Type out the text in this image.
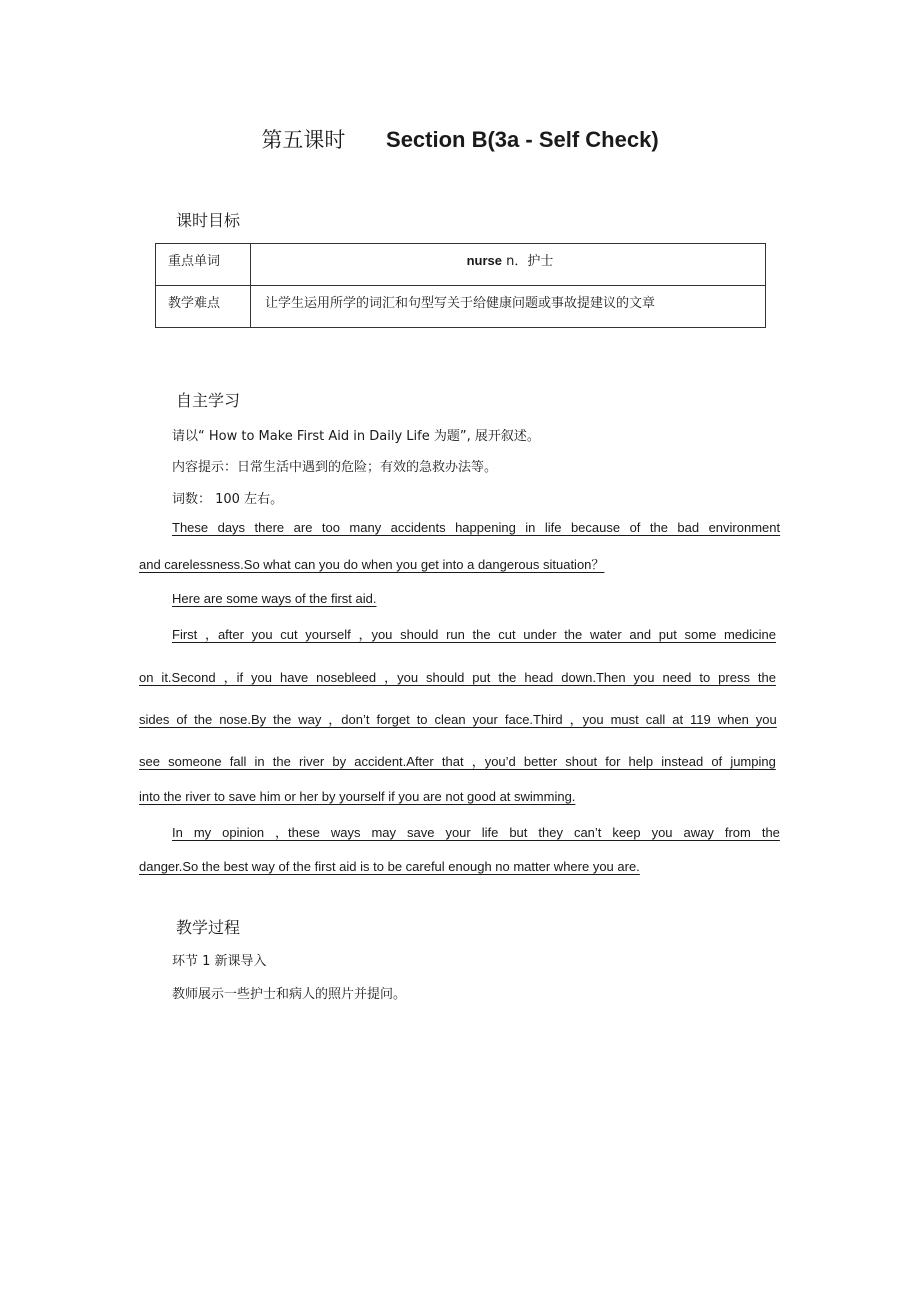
第五课时 Section B(3a - Self Check)
课时目标
重点单词	nurse n．护士
教学难点	让学生运用所学的词汇和句型写关于给健康问题或事故提建议的文章
自主学习
请以“ How to Make First Aid in Daily Life 为题”, 展开叙述。
内容提示：日常生活中遇到的危险；有效的急救办法等。
词数： 100 左右。
These days there are too many accidents happening in life because of the bad environment
and carelessness.So what can you do when you get into a dangerous situation？
Here are some ways of the first aid.
First ，after you cut yourself ，you should run the cut under the water and put some medicine
on it.Second ，if you have nosebleed ，you should put the head down.Then you need to press the
sides of the nose.By the way ，don’t forget to clean your face.Third ，you must call at 119 when you
see someone fall in the river by accident.After that ，you’d better shout for help instead of jumping
into the river to save him or her by yourself if you are not good at swimming.
In my opinion ，these ways may save your life but they can’t keep you away from the
danger.So the best way of the first aid is to be careful enough no matter where you are.
教学过程
环节 1 新课导入
教师展示一些护士和病人的照片并提问。
